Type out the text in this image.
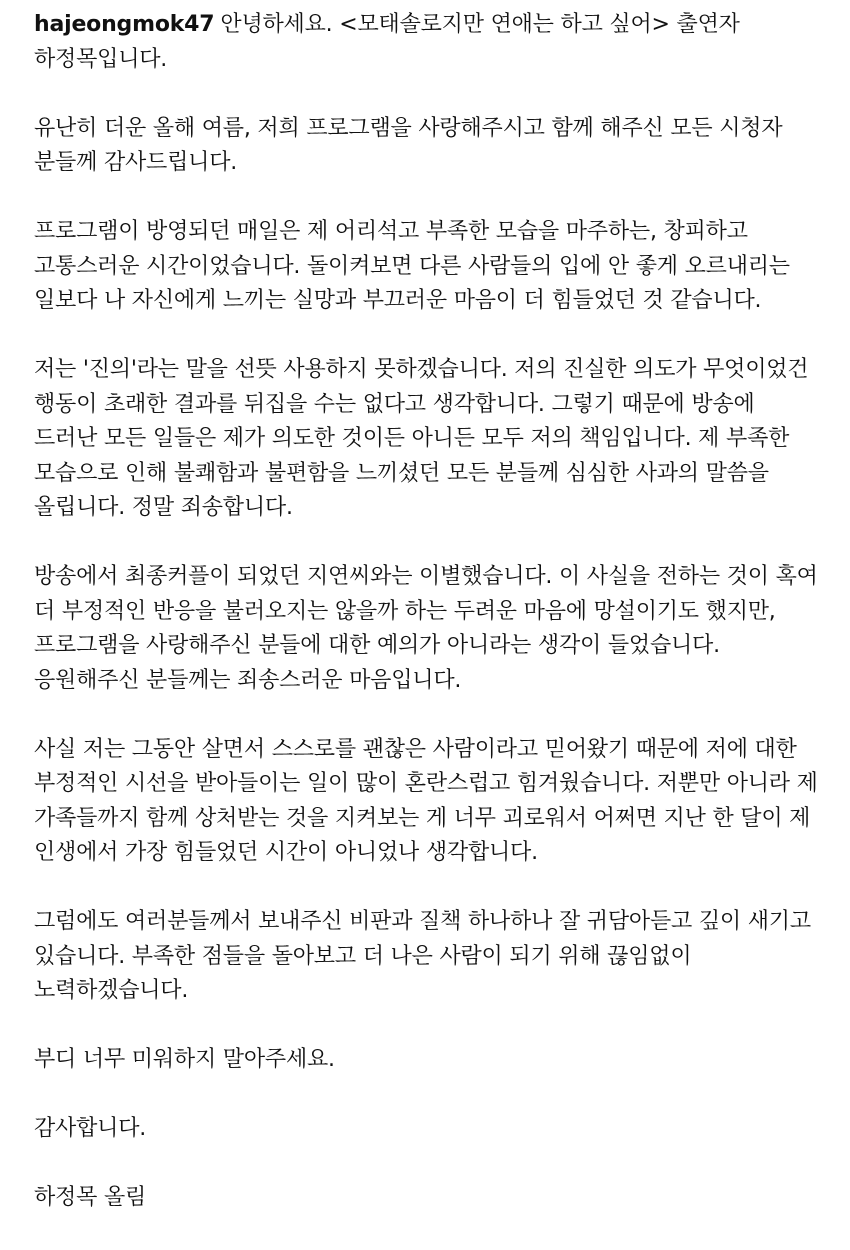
hajeongmok47 안녕하세요. <모태솔로지만 연애는 하고 싶어> 출연자 하정목입니다.

유난히 더운 올해 여름, 저희 프로그램을 사랑해주시고 함께 해주신 모든 시청자 분들께 감사드립니다.

프로그램이 방영되던 매일은 제 어리석고 부족한 모습을 마주하는, 창피하고 고통스러운 시간이었습니다. 돌이켜보면 다른 사람들의 입에 안 좋게 오르내리는 일보다 나 자신에게 느끼는 실망과 부끄러운 마음이 더 힘들었던 것 같습니다.

저는 '진의'라는 말을 선뜻 사용하지 못하겠습니다. 저의 진실한 의도가 무엇이었건 행동이 초래한 결과를 뒤집을 수는 없다고 생각합니다. 그렇기 때문에 방송에 드러난 모든 일들은 제가 의도한 것이든 아니든 모두 저의 책임입니다. 제 부족한 모습으로 인해 불쾌함과 불편함을 느끼셨던 모든 분들께 심심한 사과의 말씀을 올립니다. 정말 죄송합니다.

방송에서 최종커플이 되었던 지연씨와는 이별했습니다. 이 사실을 전하는 것이 혹여 더 부정적인 반응을 불러오지는 않을까 하는 두려운 마음에 망설이기도 했지만, 프로그램을 사랑해주신 분들에 대한 예의가 아니라는 생각이 들었습니다. 응원해주신 분들께는 죄송스러운 마음입니다.

사실 저는 그동안 살면서 스스로를 괜찮은 사람이라고 믿어왔기 때문에 저에 대한 부정적인 시선을 받아들이는 일이 많이 혼란스럽고 힘겨웠습니다. 저뿐만 아니라 제 가족들까지 함께 상처받는 것을 지켜보는 게 너무 괴로워서 어쩌면 지난 한 달이 제 인생에서 가장 힘들었던 시간이 아니었나 생각합니다.

그럼에도 여러분들께서 보내주신 비판과 질책 하나하나 잘 귀담아듣고 깊이 새기고 있습니다. 부족한 점들을 돌아보고 더 나은 사람이 되기 위해 끊임없이 노력하겠습니다.

부디 너무 미워하지 말아주세요.

감사합니다.

하정목 올림
